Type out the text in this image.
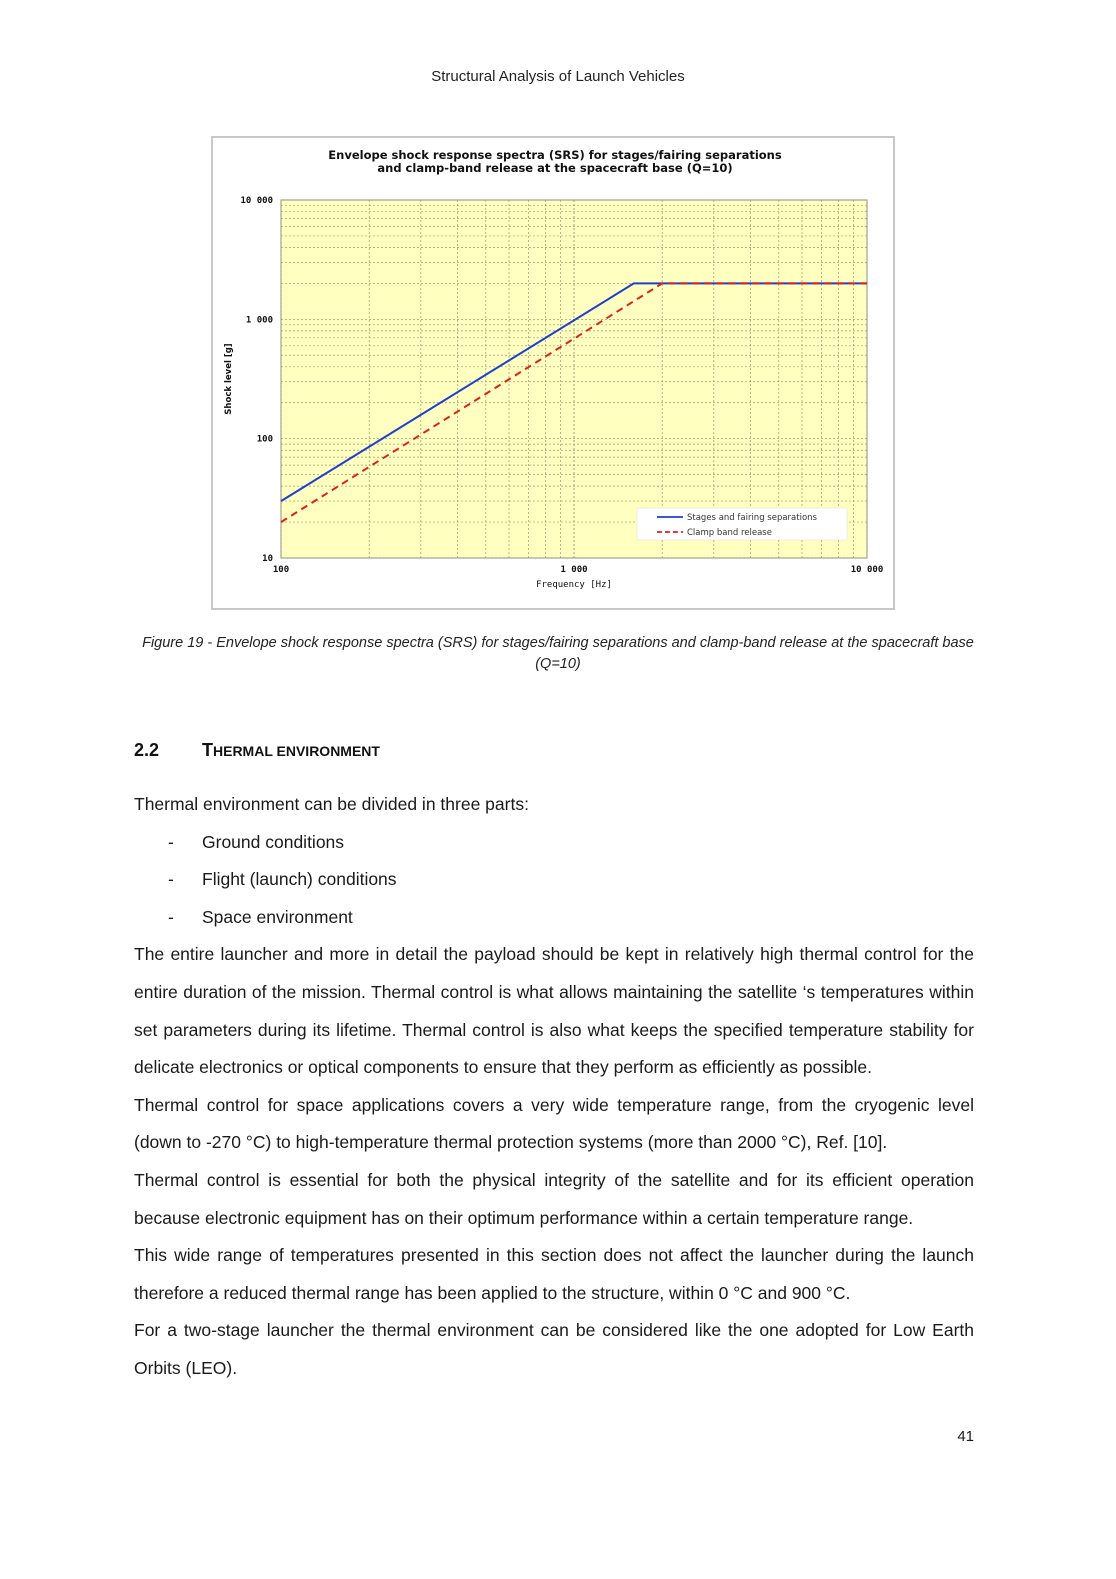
Structural Analysis of Launch Vehicles
Envelope shock response spectra (SRS) for stages/fairing separations
and clamp-band release at the spacecraft base (Q=10)
100	1 000	10 000
10
100
1 000
10 000
Frequency [Hz]
Shock level [g]
Stages and fairing separations
Clamp band release
Figure 19 - Envelope shock response spectra (SRS) for stages/fairing separations and clamp-band release at the spacecraft base (Q=10)
2.2 THERMAL ENVIRONMENT

Thermal environment can be divided in three parts:

- Ground conditions
- Flight (launch) conditions
- Space environment

The entire launcher and more in detail the payload should be kept in relatively high thermal control for the entire duration of the mission. Thermal control is what allows maintaining the satellite ‘s temperatures within set parameters during its lifetime. Thermal control is also what keeps the specified temperature stability for delicate electronics or optical components to ensure that they perform as efficiently as possible.

Thermal control for space applications covers a very wide temperature range, from the cryogenic level (down to -270 °C) to high-temperature thermal protection systems (more than 2000 °C), Ref. [10].

Thermal control is essential for both the physical integrity of the satellite and for its efficient operation because electronic equipment has on their optimum performance within a certain temperature range.

This wide range of temperatures presented in this section does not affect the launcher during the launch therefore a reduced thermal range has been applied to the structure, within 0 °C and 900 °C.

For a two-stage launcher the thermal environment can be considered like the one adopted for Low Earth Orbits (LEO).

41
